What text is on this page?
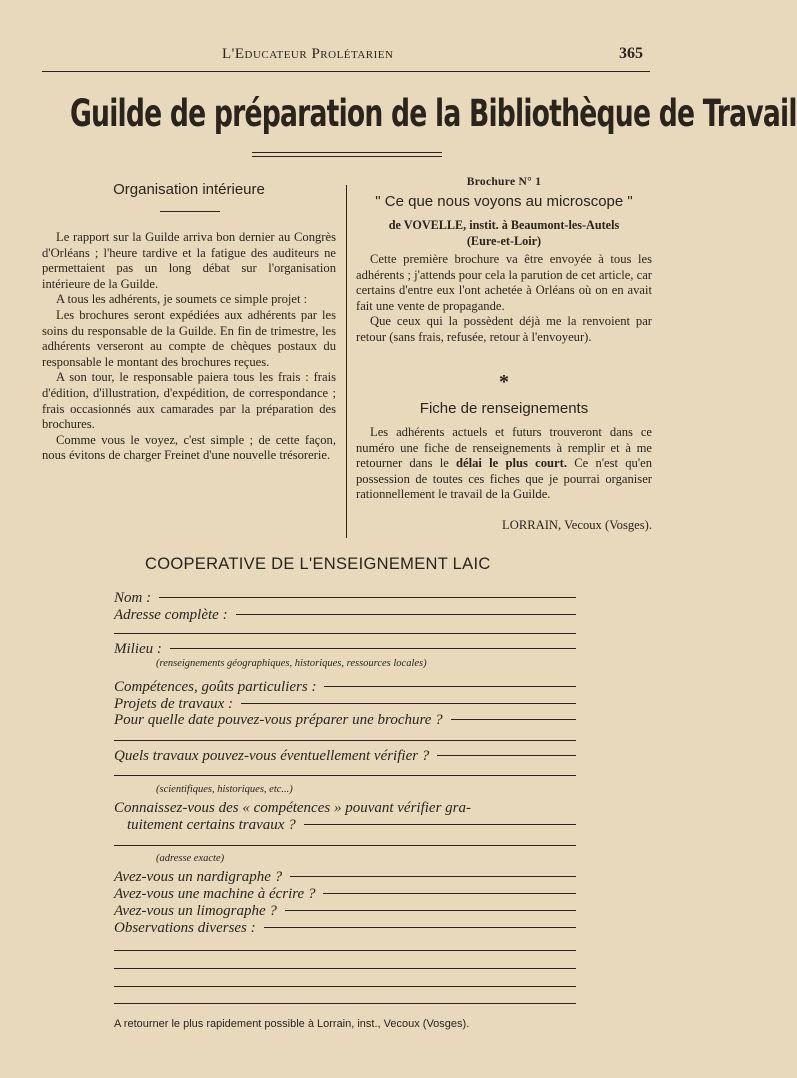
L'Educateur Prolétarien	365
Guilde de préparation de la Bibliothèque de Travail
Organisation intérieure

Le rapport sur la Guilde arriva bon dernier au Congrès d'Orléans ; l'heure tardive et la fatigue des auditeurs ne permettaient pas un long débat sur l'organisation intérieure de la Guilde.

A tous les adhérents, je soumets ce simple projet :

Les brochures seront expédiées aux adhérents par les soins du responsable de la Guilde. En fin de trimestre, les adhérents verseront au compte de chèques postaux du responsable le montant des brochures reçues.

A son tour, le responsable paiera tous les frais : frais d'édition, d'illustration, d'expédition, de correspondance ; frais occasionnés aux camarades par la préparation des brochures.

Comme vous le voyez, c'est simple ; de cette façon, nous évitons de charger Freinet d'une nouvelle trésorerie.

Brochure N° 1
" Ce que nous voyons au microscope "
de VOVELLE, instit. à Beaumont-les-Autels
(Eure-et-Loir)

Cette première brochure va être envoyée à tous les adhérents ; j'attends pour cela la parution de cet article, car certains d'entre eux l'ont achetée à Orléans où on en avait fait une vente de propagande.

Que ceux qui la possèdent déjà me la renvoient par retour (sans frais, refusée, retour à l'envoyeur).

*
Fiche de renseignements

Les adhérents actuels et futurs trouveront dans ce numéro une fiche de renseignements à remplir et à me retourner dans le délai le plus court. Ce n'est qu'en possession de toutes ces fiches que je pourrai organiser rationnellement le travail de la Guilde.

LORRAIN, Vecoux (Vosges).
COOPERATIVE DE L'ENSEIGNEMENT LAIC
Nom :
Adresse complète :
Milieu :
(renseignements géographiques, historiques, ressources locales)
Compétences, goûts particuliers :
Projets de travaux :
Pour quelle date pouvez-vous préparer une brochure ?
Quels travaux pouvez-vous éventuellement vérifier ?
(scientifiques, historiques, etc...)
Connaissez-vous des « compétences » pouvant vérifier gra-
tuitement certains travaux ?
(adresse exacte)
Avez-vous un nardigraphe ?
Avez-vous une machine à écrire ?
Avez-vous un limographe ?
Observations diverses :
A retourner le plus rapidement possible à Lorrain, inst., Vecoux (Vosges).
